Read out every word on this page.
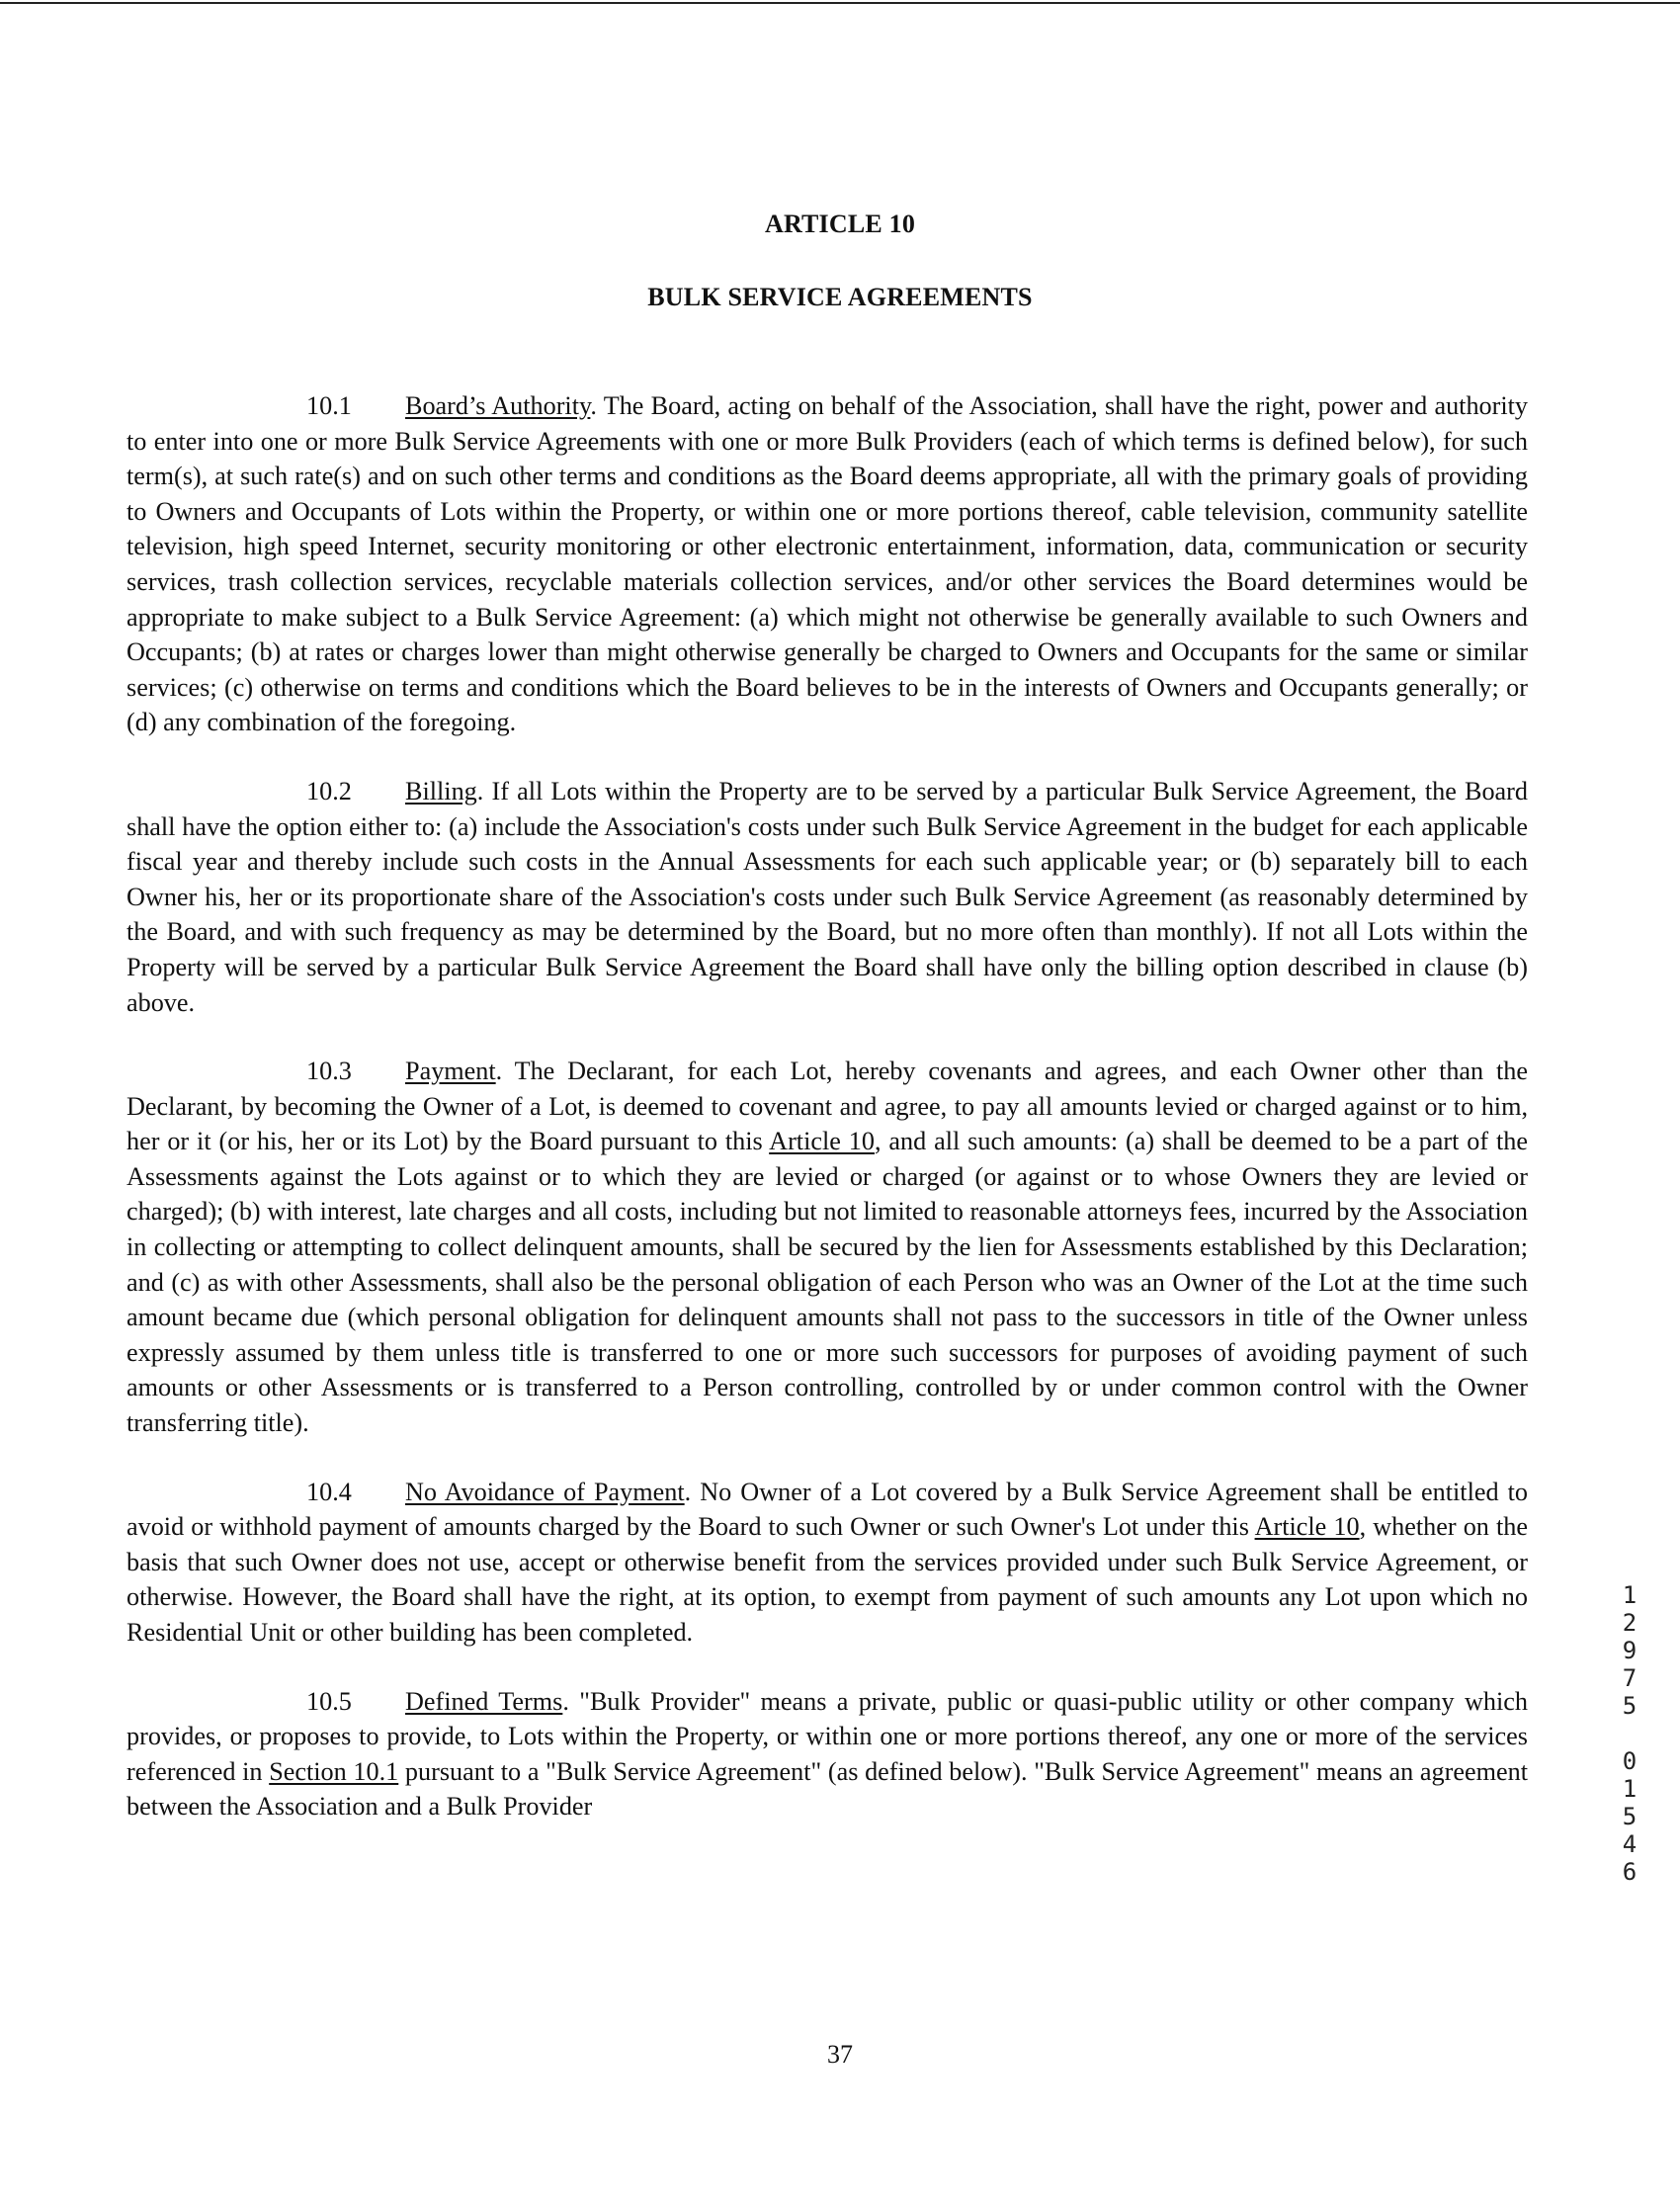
ARTICLE 10
BULK SERVICE AGREEMENTS

10.1 Board’s Authority. The Board, acting on behalf of the Association, shall have the right, power and authority to enter into one or more Bulk Service Agreements with one or more Bulk Providers (each of which terms is defined below), for such term(s), at such rate(s) and on such other terms and conditions as the Board deems appropriate, all with the primary goals of providing to Owners and Occupants of Lots within the Property, or within one or more portions thereof, cable television, community satellite television, high speed Internet, security monitoring or other electronic entertainment, information, data, communication or security services, trash collection services, recyclable materials collection services, and/or other services the Board determines would be appropriate to make subject to a Bulk Service Agreement: (a) which might not otherwise be generally available to such Owners and Occupants; (b) at rates or charges lower than might otherwise generally be charged to Owners and Occupants for the same or similar services; (c) otherwise on terms and conditions which the Board believes to be in the interests of Owners and Occupants generally; or (d) any combination of the foregoing.

10.2 Billing. If all Lots within the Property are to be served by a particular Bulk Service Agreement, the Board shall have the option either to: (a) include the Association's costs under such Bulk Service Agreement in the budget for each applicable fiscal year and thereby include such costs in the Annual Assessments for each such applicable year; or (b) separately bill to each Owner his, her or its proportionate share of the Association's costs under such Bulk Service Agreement (as reasonably determined by the Board, and with such frequency as may be determined by the Board, but no more often than monthly). If not all Lots within the Property will be served by a particular Bulk Service Agreement the Board shall have only the billing option described in clause (b) above.

10.3 Payment. The Declarant, for each Lot, hereby covenants and agrees, and each Owner other than the Declarant, by becoming the Owner of a Lot, is deemed to covenant and agree, to pay all amounts levied or charged against or to him, her or it (or his, her or its Lot) by the Board pursuant to this Article 10, and all such amounts: (a) shall be deemed to be a part of the Assessments against the Lots against or to which they are levied or charged (or against or to whose Owners they are levied or charged); (b) with interest, late charges and all costs, including but not limited to reasonable attorneys fees, incurred by the Association in collecting or attempting to collect delinquent amounts, shall be secured by the lien for Assessments established by this Declaration; and (c) as with other Assessments, shall also be the personal obligation of each Person who was an Owner of the Lot at the time such amount became due (which personal obligation for delinquent amounts shall not pass to the successors in title of the Owner unless expressly assumed by them unless title is transferred to one or more such successors for purposes of avoiding payment of such amounts or other Assessments or is transferred to a Person controlling, controlled by or under common control with the Owner transferring title).

10.4 No Avoidance of Payment. No Owner of a Lot covered by a Bulk Service Agreement shall be entitled to avoid or withhold payment of amounts charged by the Board to such Owner or such Owner's Lot under this Article 10, whether on the basis that such Owner does not use, accept or otherwise benefit from the services provided under such Bulk Service Agreement, or otherwise. However, the Board shall have the right, at its option, to exempt from payment of such amounts any Lot upon which no Residential Unit or other building has been completed.

10.5 Defined Terms. "Bulk Provider" means a private, public or quasi-public utility or other company which provides, or proposes to provide, to Lots within the Property, or within one or more portions thereof, any one or more of the services referenced in Section 10.1 pursuant to a "Bulk Service Agreement" (as defined below). "Bulk Service Agreement" means an agreement between the Association and a Bulk Provider

1
2
9
7
5

0
1
5
4
6
37
